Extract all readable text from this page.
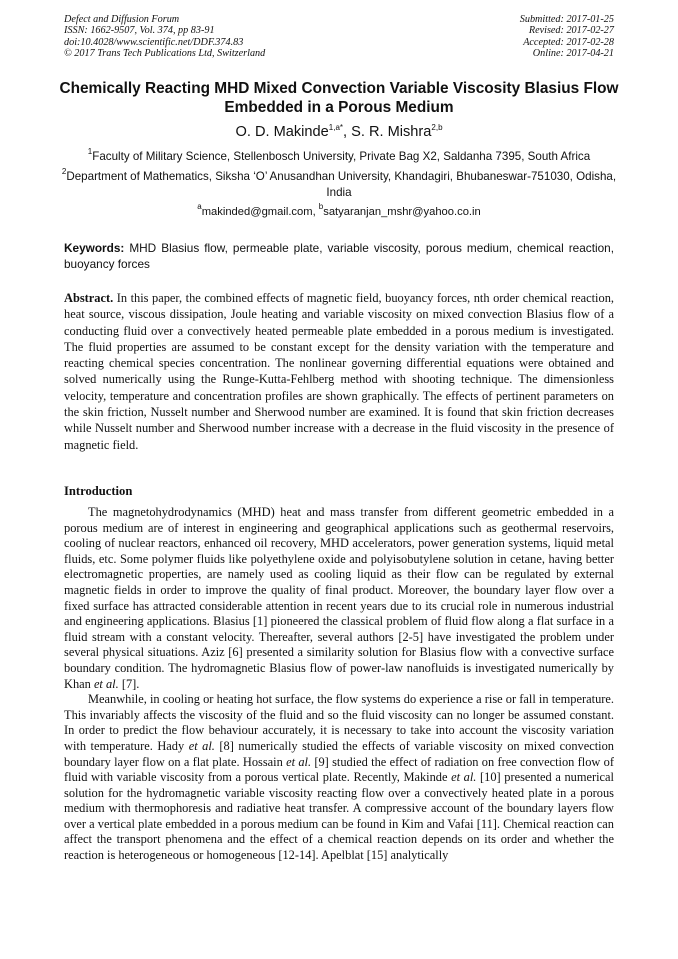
Defect and Diffusion Forum
ISSN: 1662-9507, Vol. 374, pp 83-91
doi:10.4028/www.scientific.net/DDF.374.83
© 2017 Trans Tech Publications Ltd, Switzerland
Submitted: 2017-01-25
Revised: 2017-02-27
Accepted: 2017-02-28
Online: 2017-04-21
Chemically Reacting MHD Mixed Convection Variable Viscosity Blasius Flow Embedded in a Porous Medium
O. D. Makinde$^{1,a*}$, S. R. Mishra$^{2,b}$
$^1$Faculty of Military Science, Stellenbosch University, Private Bag X2, Saldanha 7395, South Africa
$^2$Department of Mathematics, Siksha ‘O’ Anusandhan University, Khandagiri, Bhubaneswar-751030, Odisha, India
$^a$makinded@gmail.com, $^b$satyaranjan_mshr@yahoo.co.in
Keywords: MHD Blasius flow, permeable plate, variable viscosity, porous medium, chemical reaction, buoyancy forces
Abstract. In this paper, the combined effects of magnetic field, buoyancy forces, nth order chemical reaction, heat source, viscous dissipation, Joule heating and variable viscosity on mixed convection Blasius flow of a conducting fluid over a convectively heated permeable plate embedded in a porous medium is investigated. The fluid properties are assumed to be constant except for the density variation with the temperature and reacting chemical species concentration. The nonlinear governing differential equations were obtained and solved numerically using the Runge-Kutta-Fehlberg method with shooting technique. The dimensionless velocity, temperature and concentration profiles are shown graphically. The effects of pertinent parameters on the skin friction, Nusselt number and Sherwood number are examined. It is found that skin friction decreases while Nusselt number and Sherwood number increase with a decrease in the fluid viscosity in the presence of magnetic field.
Introduction

The magnetohydrodynamics (MHD) heat and mass transfer from different geometric embedded in a porous medium are of interest in engineering and geographical applications such as geothermal reservoirs, cooling of nuclear reactors, enhanced oil recovery, MHD accelerators, power generation systems, liquid metal fluids, etc. Some polymer fluids like polyethylene oxide and polyisobutylene solution in cetane, having better electromagnetic properties, are namely used as cooling liquid as their flow can be regulated by external magnetic fields in order to improve the quality of final product. Moreover, the boundary layer flow over a fixed surface has attracted considerable attention in recent years due to its crucial role in numerous industrial and engineering applications. Blasius [1] pioneered the classical problem of fluid flow along a flat surface in a fluid stream with a constant velocity. Thereafter, several authors [2-5] have investigated the problem under several physical situations. Aziz [6] presented a similarity solution for Blasius flow with a convective surface boundary condition. The hydromagnetic Blasius flow of power-law nanofluids is investigated numerically by Khan et al. [7].

Meanwhile, in cooling or heating hot surface, the flow systems do experience a rise or fall in temperature. This invariably affects the viscosity of the fluid and so the fluid viscosity can no longer be assumed constant. In order to predict the flow behaviour accurately, it is necessary to take into account the viscosity variation with temperature. Hady et al. [8] numerically studied the effects of variable viscosity on mixed convection boundary layer flow on a flat plate. Hossain et al. [9] studied the effect of radiation on free convection flow of fluid with variable viscosity from a porous vertical plate. Recently, Makinde et al. [10] presented a numerical solution for the hydromagnetic variable viscosity reacting flow over a convectively heated plate in a porous medium with thermophoresis and radiative heat transfer. A compressive account of the boundary layers flow over a vertical plate embedded in a porous medium can be found in Kim and Vafai [11]. Chemical reaction can affect the transport phenomena and the effect of a chemical reaction depends on its order and whether the reaction is heterogeneous or homogeneous [12-14]. Apelblat [15] analytically
